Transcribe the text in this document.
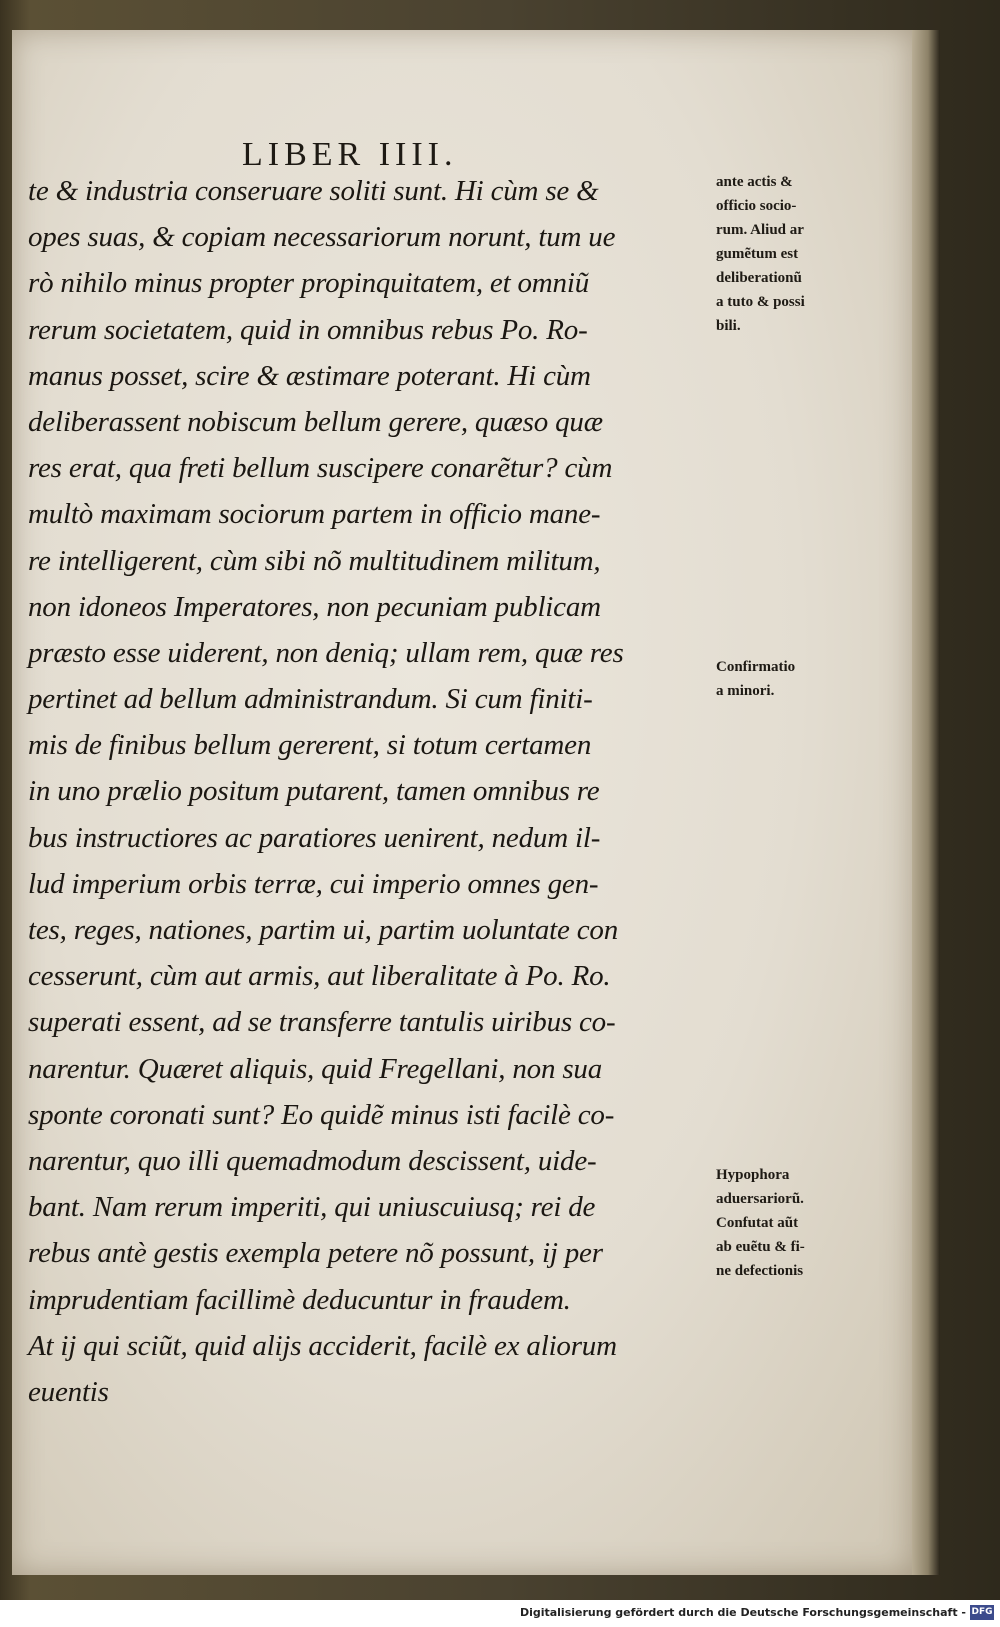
LIBER IIII.
te & industria conseruare soliti sunt. Hi cùm se &
opes suas, & copiam necessariorum norunt, tum ue
rò nihilo minus propter propinquitatem, et omniũ
rerum societatem, quid in omnibus rebus Po. Ro-
manus posset, scire & æstimare poterant. Hi cùm
deliberassent nobiscum bellum gerere, quæso quæ
res erat, qua freti bellum suscipere conarẽtur? cùm
multò maximam sociorum partem in officio mane-
re intelligerent, cùm sibi nõ multitudinem militum,
non idoneos Imperatores, non pecuniam publicam
præsto esse uiderent, non deniq; ullam rem, quæ res
pertinet ad bellum administrandum. Si cum finiti-
mis de finibus bellum gererent, si totum certamen
in uno prælio positum putarent, tamen omnibus re
bus instructiores ac paratiores uenirent, nedum il-
lud imperium orbis terræ, cui imperio omnes gen-
tes, reges, nationes, partim ui, partim uoluntate con
cesserunt, cùm aut armis, aut liberalitate à Po. Ro.
superati essent, ad se transferre tantulis uiribus co-
narentur. Quæret aliquis, quid Fregellani, non sua
sponte coronati sunt? Eo quidẽ minus isti facilè co-
narentur, quo illi quemadmodum descissent, uide-
bant. Nam rerum imperiti, qui uniuscuiusq; rei de
rebus antè gestis exempla petere nõ possunt, ij per
imprudentiam facillimè deducuntur in fraudem.
At ij qui sciũt, quid alijs acciderit, facilè ex aliorum
euentis
ante actis &
officio socio-
rum. Aliud ar
gumẽtum est
deliberationũ
a tuto & possi
bili.
Confirmatio
a minori.
Hypophora
aduersariorũ.
Confutat aũt
ab euẽtu & fi-
ne defectionis
Digitalisierung gefördert durch die Deutsche Forschungsgemeinschaft - DFG
